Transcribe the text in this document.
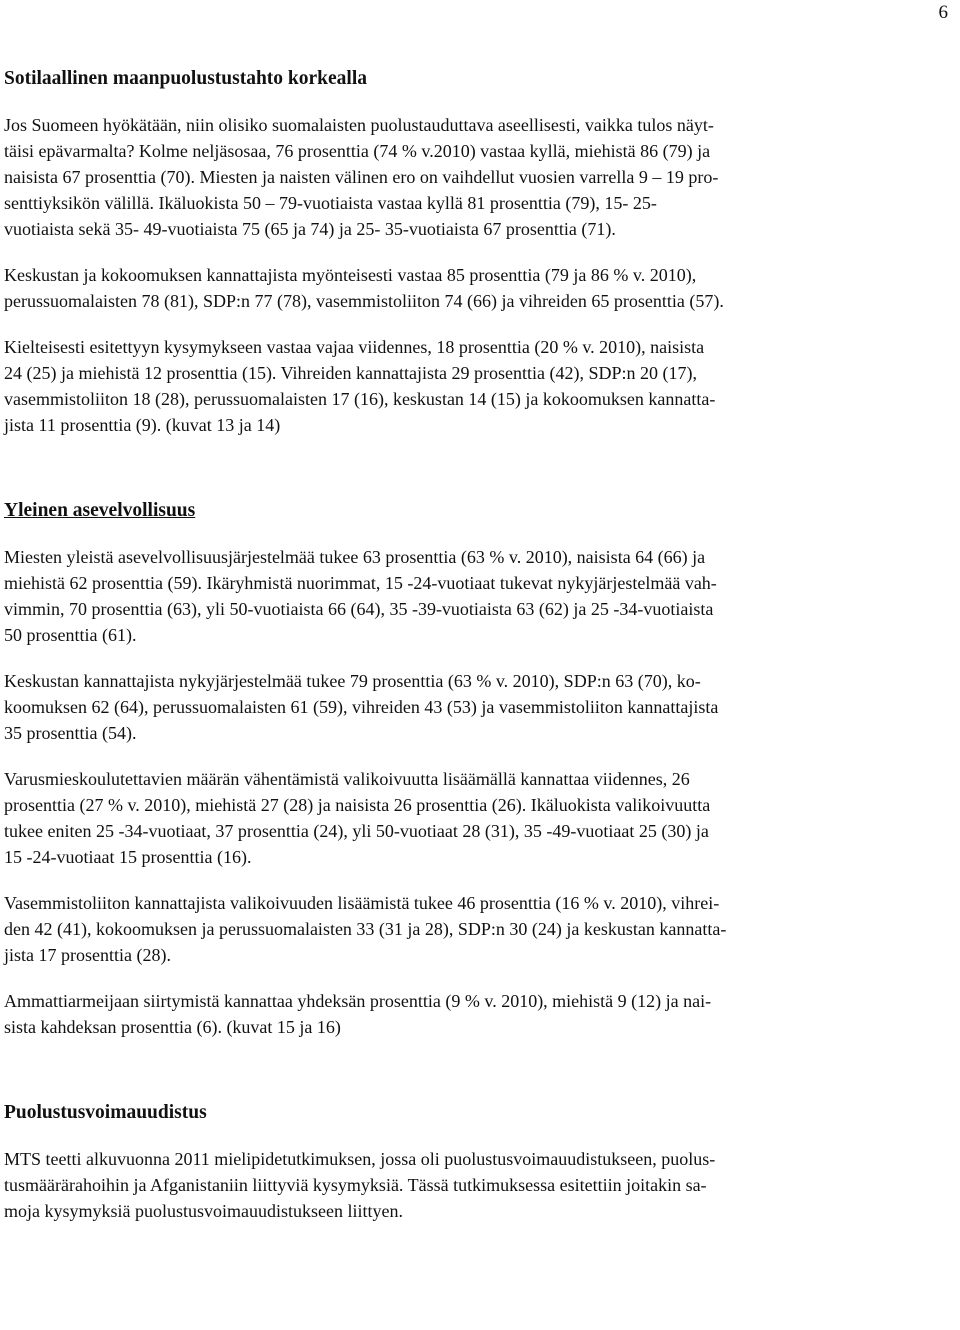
6
Sotilaallinen maanpuolustustahto korkealla

Jos Suomeen hyökätään, niin olisiko suomalaisten puolustauduttava aseellisesti, vaikka tulos näyt-
täisi epävarmalta? Kolme neljäsosaa, 76 prosenttia (74 % v.2010) vastaa kyllä, miehistä 86 (79) ja
naisista 67 prosenttia (70). Miesten ja naisten välinen ero on vaihdellut vuosien varrella 9 – 19 pro-
senttiyksikön välillä. Ikäluokista 50 – 79-vuotiaista vastaa kyllä 81 prosenttia (79), 15- 25-
vuotiaista sekä 35- 49-vuotiaista 75 (65 ja 74) ja 25- 35-vuotiaista 67 prosenttia (71).

Keskustan ja kokoomuksen kannattajista myönteisesti vastaa 85 prosenttia (79 ja 86 % v. 2010),
perussuomalaisten 78 (81), SDP:n 77 (78), vasemmistoliiton 74 (66) ja vihreiden 65 prosenttia (57).

Kielteisesti esitettyyn kysymykseen vastaa vajaa viidennes, 18 prosenttia (20 % v. 2010), naisista
24 (25) ja miehistä 12 prosenttia (15). Vihreiden kannattajista 29 prosenttia (42), SDP:n 20 (17),
vasemmistoliiton 18 (28), perussuomalaisten 17 (16), keskustan 14 (15) ja kokoomuksen kannatta-
jista 11 prosenttia (9). (kuvat 13 ja 14)

Yleinen asevelvollisuus

Miesten yleistä asevelvollisuusjärjestelmää tukee 63 prosenttia (63 % v. 2010), naisista 64 (66) ja
miehistä 62 prosenttia (59). Ikäryhmistä nuorimmat, 15 -24-vuotiaat tukevat nykyjärjestelmää vah-
vimmin, 70 prosenttia (63), yli 50-vuotiaista 66 (64), 35 -39-vuotiaista 63 (62) ja 25 -34-vuotiaista
50 prosenttia (61).

Keskustan kannattajista nykyjärjestelmää tukee 79 prosenttia (63 % v. 2010), SDP:n 63 (70), ko-
koomuksen 62 (64), perussuomalaisten 61 (59), vihreiden 43 (53) ja vasemmistoliiton kannattajista
35 prosenttia (54).

Varusmieskoulutettavien määrän vähentämistä valikoivuutta lisäämällä kannattaa viidennes, 26
prosenttia (27 % v. 2010), miehistä 27 (28) ja naisista 26 prosenttia (26). Ikäluokista valikoivuutta
tukee eniten 25 -34-vuotiaat, 37 prosenttia (24), yli 50-vuotiaat 28 (31), 35 -49-vuotiaat 25 (30) ja
15 -24-vuotiaat 15 prosenttia (16).

Vasemmistoliiton kannattajista valikoivuuden lisäämistä tukee 46 prosenttia (16 % v. 2010), vihrei-
den 42 (41), kokoomuksen ja perussuomalaisten 33 (31 ja 28), SDP:n 30 (24) ja keskustan kannatta-
jista 17 prosenttia (28).

Ammattiarmeijaan siirtymistä kannattaa yhdeksän prosenttia (9 % v. 2010), miehistä 9 (12) ja nai-
sista kahdeksan prosenttia (6). (kuvat 15 ja 16)

Puolustusvoimauudistus

MTS teetti alkuvuonna 2011 mielipidetutkimuksen, jossa oli puolustusvoimauudistukseen, puolus-
tusmäärärahoihin ja Afganistaniin liittyviä kysymyksiä. Tässä tutkimuksessa esitettiin joitakin sa-
moja kysymyksiä puolustusvoimauudistukseen liittyen.
